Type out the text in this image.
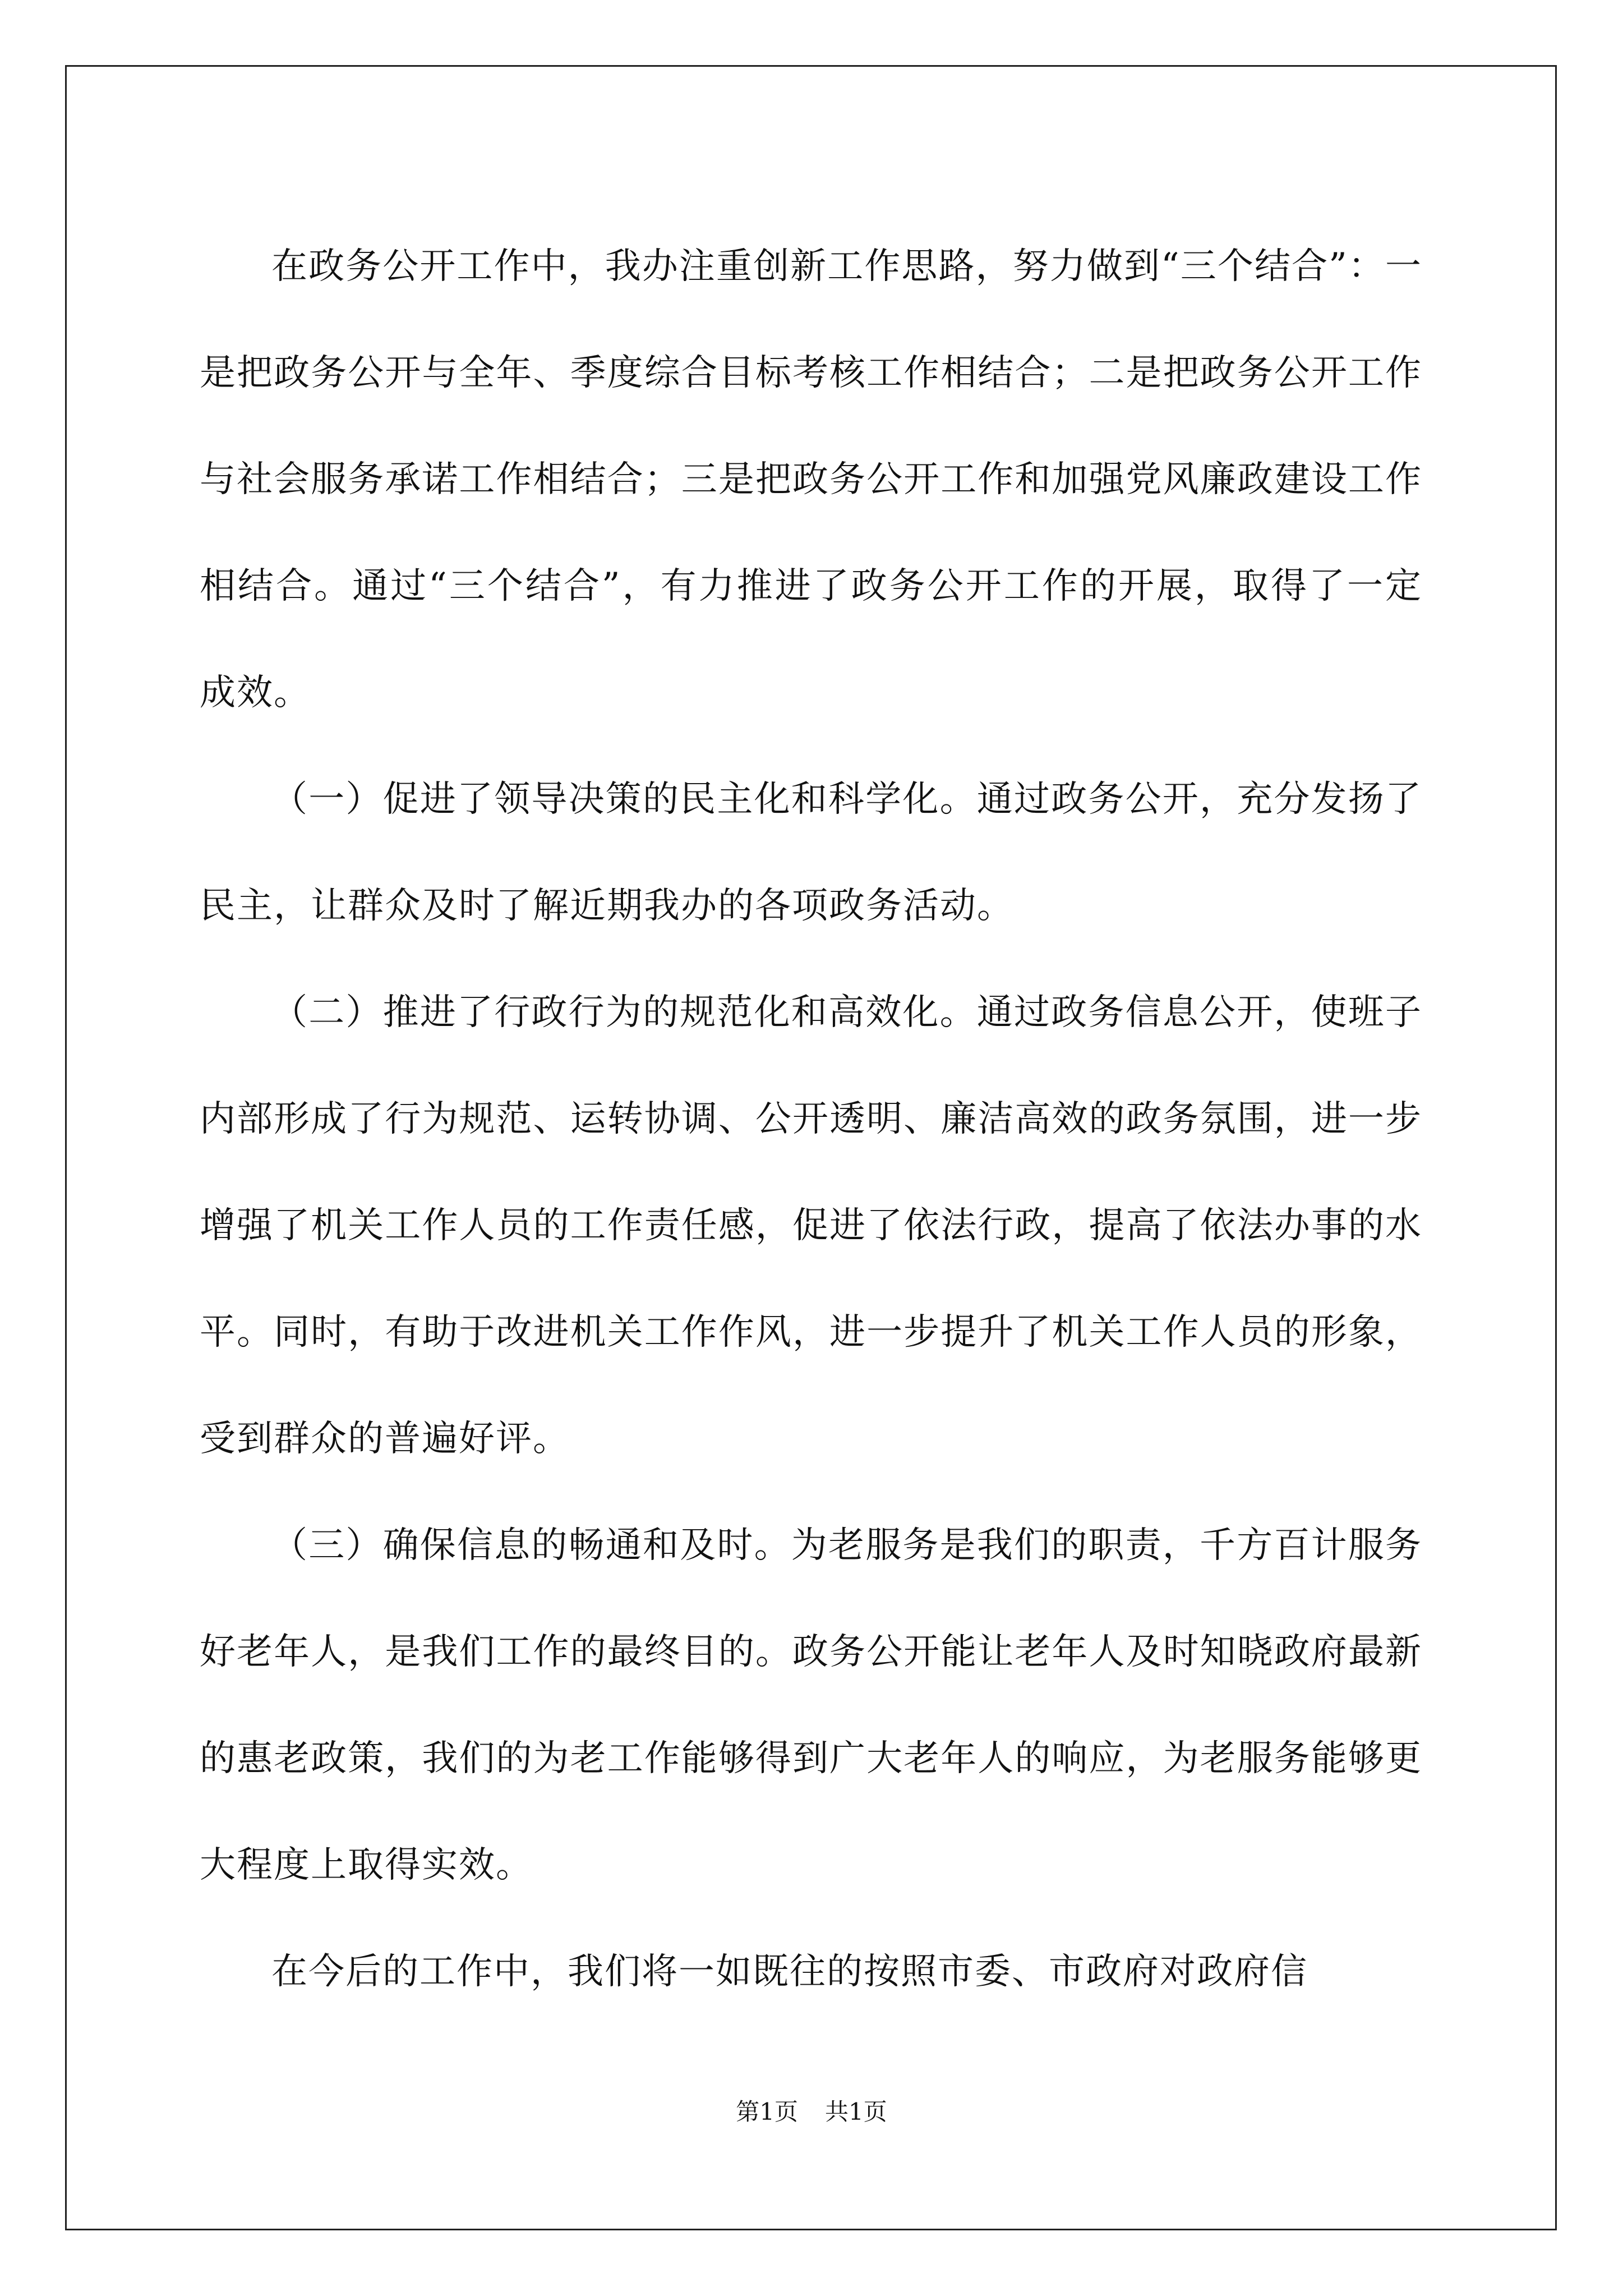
在政务公开工作中，我办注重创新工作思路，努力做到“三个结合”：一是把政务公开与全年、季度综合目标考核工作相结合；二是把政务公开工作与社会服务承诺工作相结合；三是把政务公开工作和加强党风廉政建设工作相结合。通过“三个结合”，有力推进了政务公开工作的开展，取得了一定成效。

（一）促进了领导决策的民主化和科学化。通过政务公开，充分发扬了民主，让群众及时了解近期我办的各项政务活动。

（二）推进了行政行为的规范化和高效化。通过政务信息公开，使班子内部形成了行为规范、运转协调、公开透明、廉洁高效的政务氛围，进一步增强了机关工作人员的工作责任感，促进了依法行政，提高了依法办事的水平。同时，有助于改进机关工作作风，进一步提升了机关工作人员的形象，受到群众的普遍好评。

（三）确保信息的畅通和及时。为老服务是我们的职责，千方百计服务好老年人，是我们工作的最终目的。政务公开能让老年人及时知晓政府最新的惠老政策，我们的为老工作能够得到广大老年人的响应，为老服务能够更大程度上取得实效。

在今后的工作中，我们将一如既往的按照市委、市政府对政府信

第1页 共1页
